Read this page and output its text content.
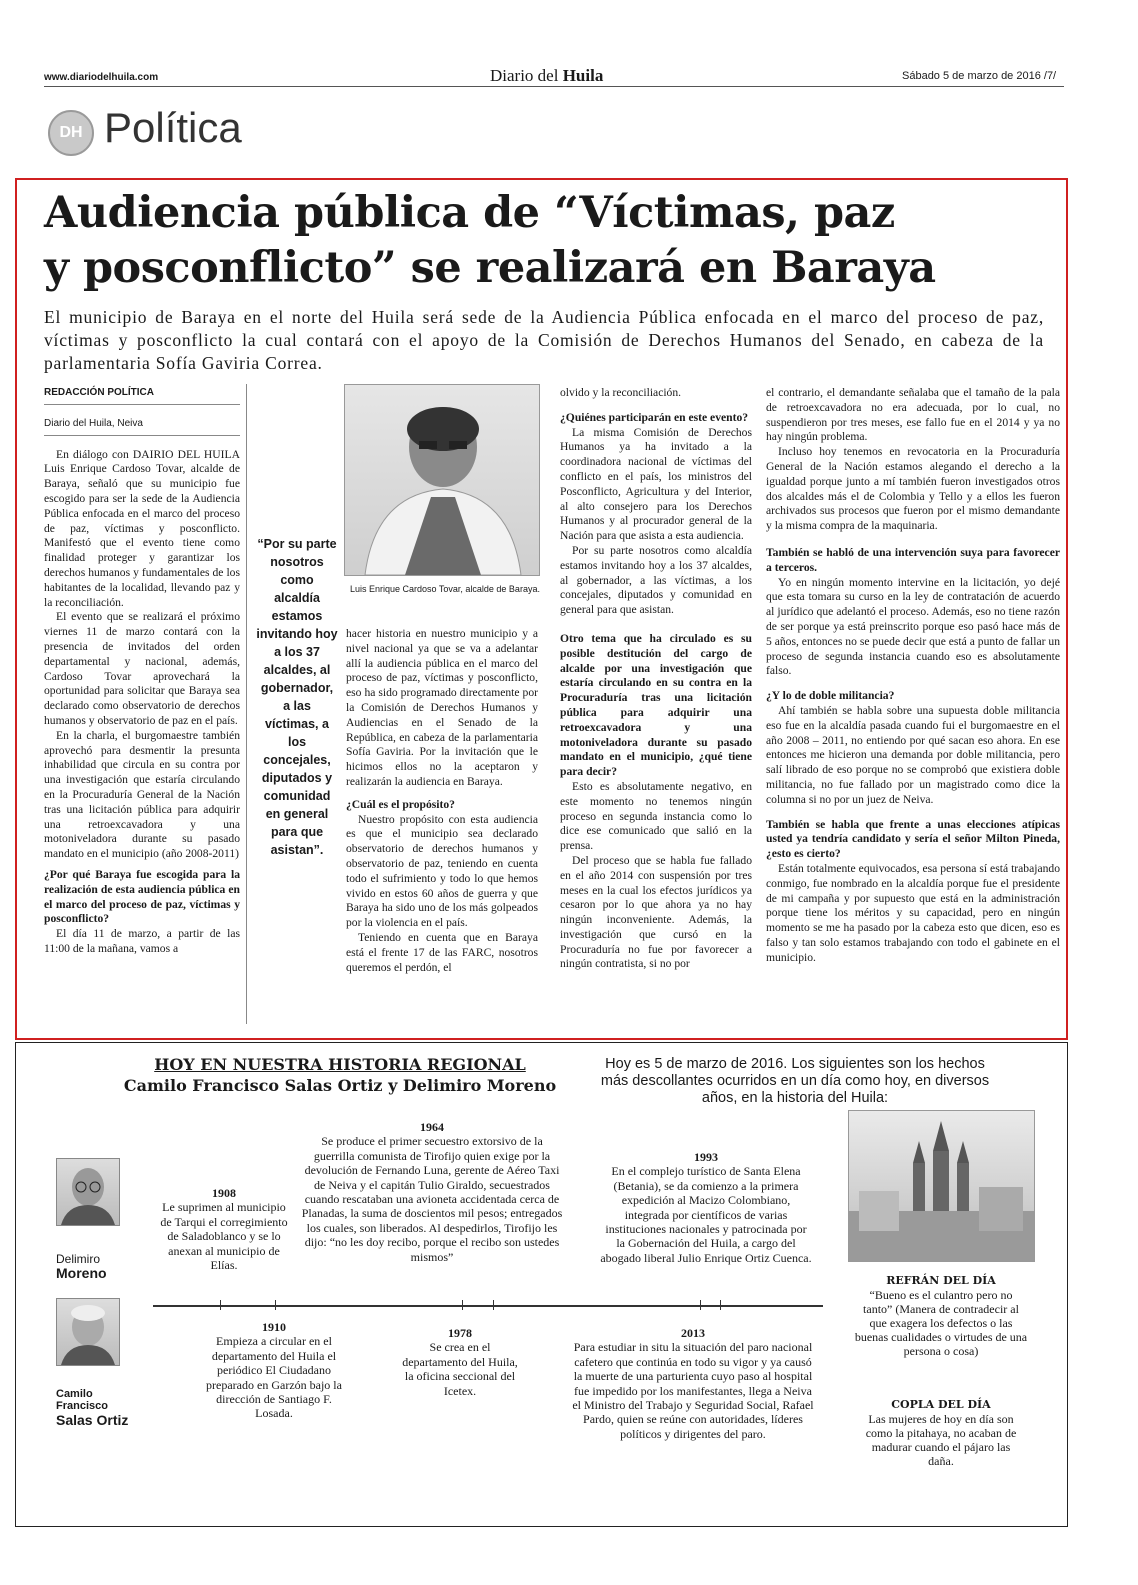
www.diariodelhuila.com	Diario del Huila	Sábado 5 de marzo de 2016 /7/
DH Política
Audiencia pública de “Víctimas, paz
y posconflicto” se realizará en Baraya
El municipio de Baraya en el norte del Huila será sede de la Audiencia Pública enfocada en el marco del proceso de paz, víctimas y posconflicto la cual contará con el apoyo de la Comisión de Derechos Humanos del Senado, en cabeza de la parlamentaria Sofía Gaviria Correa.
REDACCIÓN POLÍTICA
Diario del Huila, Neiva

En diálogo con DAIRIO DEL HUILA Luis Enrique Cardoso Tovar, alcalde de Baraya, señaló que su municipio fue escogido para ser la sede de la Audiencia Pública enfocada en el marco del proceso de paz, víctimas y posconflicto. Manifestó que el evento tiene como finalidad proteger y garantizar los derechos humanos y fundamentales de los habitantes de la localidad, llevando paz y la reconciliación.

El evento que se realizará el próximo viernes 11 de marzo contará con la presencia de invitados del orden departamental y nacional, además, Cardoso Tovar aprovechará la oportunidad para solicitar que Baraya sea declarado como observatorio de derechos humanos y observatorio de paz en el país.

En la charla, el burgomaestre también aprovechó para desmentir la presunta inhabilidad que circula en su contra por una investigación que estaría circulando en la Procuraduría General de la Nación tras una licitación pública para adquirir una retroexcavadora y una motoniveladora durante su pasado mandato en el municipio (año 2008-2011)

¿Por qué Baraya fue escogida para la realización de esta audiencia pública en el marco del proceso de paz, víctimas y posconflicto?

El día 11 de marzo, a partir de las 11:00 de la mañana, vamos a

“Por su parte nosotros como alcaldía estamos invitando hoy a los 37 alcaldes, al gobernador, a las víctimas, a los concejales, diputados y comunidad en general para que asistan”.
Luis Enrique Cardoso Tovar, alcalde de Baraya.

hacer historia en nuestro municipio y a nivel nacional ya que se va a adelantar allí la audiencia pública en el marco del proceso de paz, víctimas y posconflicto, eso ha sido programado directamente por la Comisión de Derechos Humanos y Audiencias en el Senado de la República, en cabeza de la parlamentaria Sofía Gaviria. Por la invitación que le hicimos ellos no la aceptaron y realizarán la audiencia en Baraya.

¿Cuál es el propósito?

Nuestro propósito con esta audiencia es que el municipio sea declarado observatorio de derechos humanos y observatorio de paz, teniendo en cuenta todo el sufrimiento y todo lo que hemos vivido en estos 60 años de guerra y que Baraya ha sido uno de los más golpeados por la violencia en el país.

Teniendo en cuenta que en Baraya está el frente 17 de las FARC, nosotros queremos el perdón, el

olvido y la reconciliación.

¿Quiénes participarán en este evento?

La misma Comisión de Derechos Humanos ya ha invitado a la coordinadora nacional de víctimas del conflicto en el país, los ministros del Posconflicto, Agricultura y del Interior, al alto consejero para los Derechos Humanos y al procurador general de la Nación para que asista a esta audiencia.

Por su parte nosotros como alcaldía estamos invitando hoy a los 37 alcaldes, al gobernador, a las víctimas, a los concejales, diputados y comunidad en general para que asistan.

Otro tema que ha circulado es su posible destitución del cargo de alcalde por una investigación que estaría circulando en su contra en la Procuraduría tras una licitación pública para adquirir una retroexcavadora y una motoniveladora durante su pasado mandato en el municipio, ¿qué tiene para decir?

Esto es absolutamente negativo, en este momento no tenemos ningún proceso en segunda instancia como lo dice ese comunicado que salió en la prensa.

Del proceso que se habla fue fallado en el año 2014 con suspensión por tres meses en la cual los efectos jurídicos ya cesaron por lo que ahora ya no hay ningún inconveniente. Además, la investigación que cursó en la Procuraduría no fue por favorecer a ningún contratista, si no por

el contrario, el demandante señalaba que el tamaño de la pala de retroexcavadora no era adecuada, por lo cual, no suspendieron por tres meses, ese fallo fue en el 2014 y ya no hay ningún problema.

Incluso hoy tenemos en revocatoria en la Procuraduría General de la Nación estamos alegando el derecho a la igualdad porque junto a mí también fueron investigados otros dos alcaldes más el de Colombia y Tello y a ellos les fueron archivados sus procesos que fueron por el mismo demandante y la misma compra de la maquinaria.

También se habló de una intervención suya para favorecer a terceros.

Yo en ningún momento intervine en la licitación, yo dejé que esta tomara su curso en la ley de contratación de acuerdo al jurídico que adelantó el proceso. Además, eso no tiene razón de ser porque ya está preinscrito porque eso pasó hace más de 5 años, entonces no se puede decir que está a punto de fallar un proceso de segunda instancia cuando eso es absolutamente falso.

¿Y lo de doble militancia?

Ahí también se habla sobre una supuesta doble militancia eso fue en la alcaldía pasada cuando fui el burgomaestre en el año 2008 – 2011, no entiendo por qué sacan eso ahora. En ese entonces me hicieron una demanda por doble militancia, pero salí librado de eso porque no se comprobó que existiera doble militancia, no fue fallado por un magistrado como dice la columna si no por un juez de Neiva.

También se habla que frente a unas elecciones atípicas usted ya tendría candidato y sería el señor Milton Pineda, ¿esto es cierto?

Están totalmente equivocados, esa persona sí está trabajando conmigo, fue nombrado en la alcaldía porque fue el presidente de mi campaña y por supuesto que está en la administración porque tiene los méritos y su capacidad, pero en ningún momento se me ha pasado por la cabeza esto que dicen, eso es falso y tan solo estamos trabajando con todo el gabinete en el municipio.

HOY EN NUESTRA HISTORIA REGIONAL
Camilo Francisco Salas Ortiz y Delimiro Moreno
Hoy es 5 de marzo de 2016. Los siguientes son los hechos más descollantes ocurridos en un día como hoy, en diversos años, en la historia del Huila:
Delimiro
Moreno
Camilo
Francisco
Salas Ortiz
1908
Le suprimen al municipio de Tarqui el corregimiento de Saladoblanco y se lo anexan al municipio de Elías.
1910
Empieza a circular en el departamento del Huila el periódico El Ciudadano preparado en Garzón bajo la dirección de Santiago F. Losada.
1964
Se produce el primer secuestro extorsivo de la guerrilla comunista de Tirofijo quien exige por la devolución de Fernando Luna, gerente de Aéreo Taxi de Neiva y el capitán Tulio Giraldo, secuestrados cuando rescataban una avioneta accidentada cerca de Planadas, la suma de doscientos mil pesos; entregados los cuales, son liberados. Al despedirlos, Tirofijo les dijo: “no les doy recibo, porque el recibo son ustedes mismos”
1978
Se crea en el departamento del Huila, la oficina seccional del Icetex.
1993
En el complejo turístico de Santa Elena (Betania), se da comienzo a la primera expedición al Macizo Colombiano, integrada por científicos de varias instituciones nacionales y patrocinada por la Gobernación del Huila, a cargo del abogado liberal Julio Enrique Ortiz Cuenca.
2013
Para estudiar in situ la situación del paro nacional cafetero que continúa en todo su vigor y ya causó la muerte de una parturienta cuyo paso al hospital fue impedido por los manifestantes, llega a Neiva el Ministro del Trabajo y Seguridad Social, Rafael Pardo, quien se reúne con autoridades, líderes políticos y dirigentes del paro.
REFRÁN DEL DÍA
“Bueno es el culantro pero no tanto” (Manera de contradecir al que exagera los defectos o las buenas cualidades o virtudes de una persona o cosa)
COPLA DEL DÍA
Las mujeres de hoy en día son como la pitahaya, no acaban de madurar cuando el pájaro las daña.
